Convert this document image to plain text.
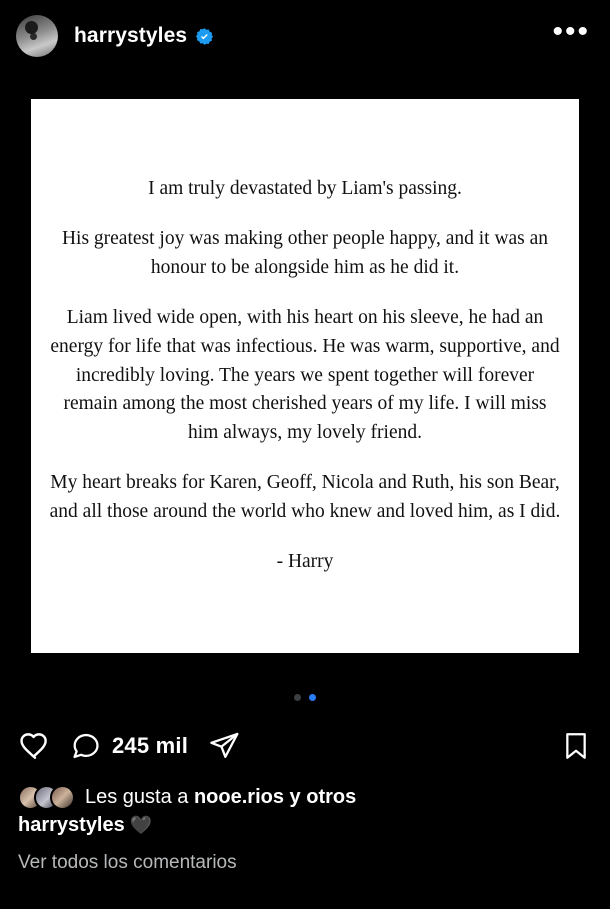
harrystyles	•••

I am truly devastated by Liam's passing.

His greatest joy was making other people happy, and it was an honour to be alongside him as he did it.

Liam lived wide open, with his heart on his sleeve, he had an energy for life that was infectious. He was warm, supportive, and incredibly loving. The years we spent together will forever remain among the most cherished years of my life. I will miss him always, my lovely friend.

My heart breaks for Karen, Geoff, Nicola and Ruth, his son Bear, and all those around the world who knew and loved him, as I did.

- Harry

245 mil
Les gusta a nooe.rios y otros
harrystyles 🖤
Ver todos los comentarios
